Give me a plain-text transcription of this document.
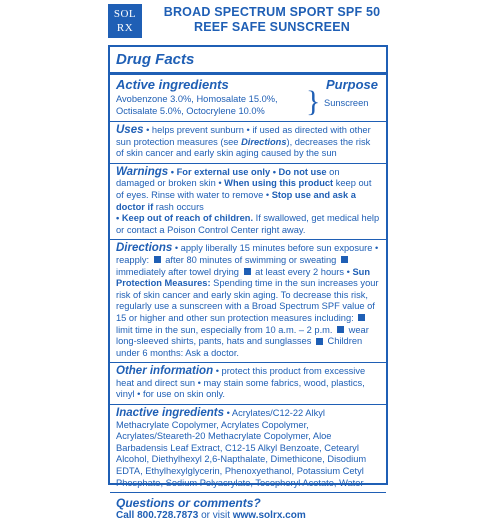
SOL
RX
BROAD SPECTRUM SPORT SPF 50
REEF SAFE SUNSCREEN
Drug Facts
Active ingredients
Avobenzone 3.0%, Homosalate 15.0%,
Octisalate 5.0%, Octocrylene 10.0%	}
Purpose
Sunscreen
Uses • helps prevent sunburn • if used as directed with other sun protection measures (see Directions), decreases the risk of skin cancer and early skin aging caused by the sun
Warnings • For external use only • Do not use on damaged or broken skin • When using this product keep out of eyes. Rinse with water to remove • Stop use and ask a doctor if rash occurs
• Keep out of reach of children. If swallowed, get medical help or contact a Poison Control Center right away.
Directions • apply liberally 15 minutes before sun exposure • reapply:  after 80 minutes of swimming or sweating  immediately after towel drying  at least every 2 hours • Sun Protection Measures: Spending time in the sun increases your risk of skin cancer and early skin aging. To decrease this risk, regularly use a sunscreen with a Broad Spectrum SPF value of 15 or higher and other sun protection measures including:  limit time in the sun, especially from 10 a.m. – 2 p.m.  wear long-sleeved shirts, pants, hats and sunglasses  Children under 6 months: Ask a doctor.
Other information • protect this product from excessive heat and direct sun • may stain some fabrics, wood, plastics, vinyl • for use on skin only.
Inactive ingredients • Acrylates/C12-22 Alkyl Methacrylate Copolymer, Acrylates Copolymer, Acrylates/Steareth-20 Methacrylate Copolymer, Aloe Barbadensis Leaf Extract, C12-15 Alkyl Benzoate, Cetearyl Alcohol, Diethylhexyl 2,6-Napthalate, Dimethicone, Disodium EDTA, Ethylhexylglycerin, Phenoxyethanol, Potassium Cetyl Phosphate, Sodium Polyacrylate, Tocopheryl Acetate, Water
Questions or comments?
Call 800.728.7873 or visit www.solrx.com
